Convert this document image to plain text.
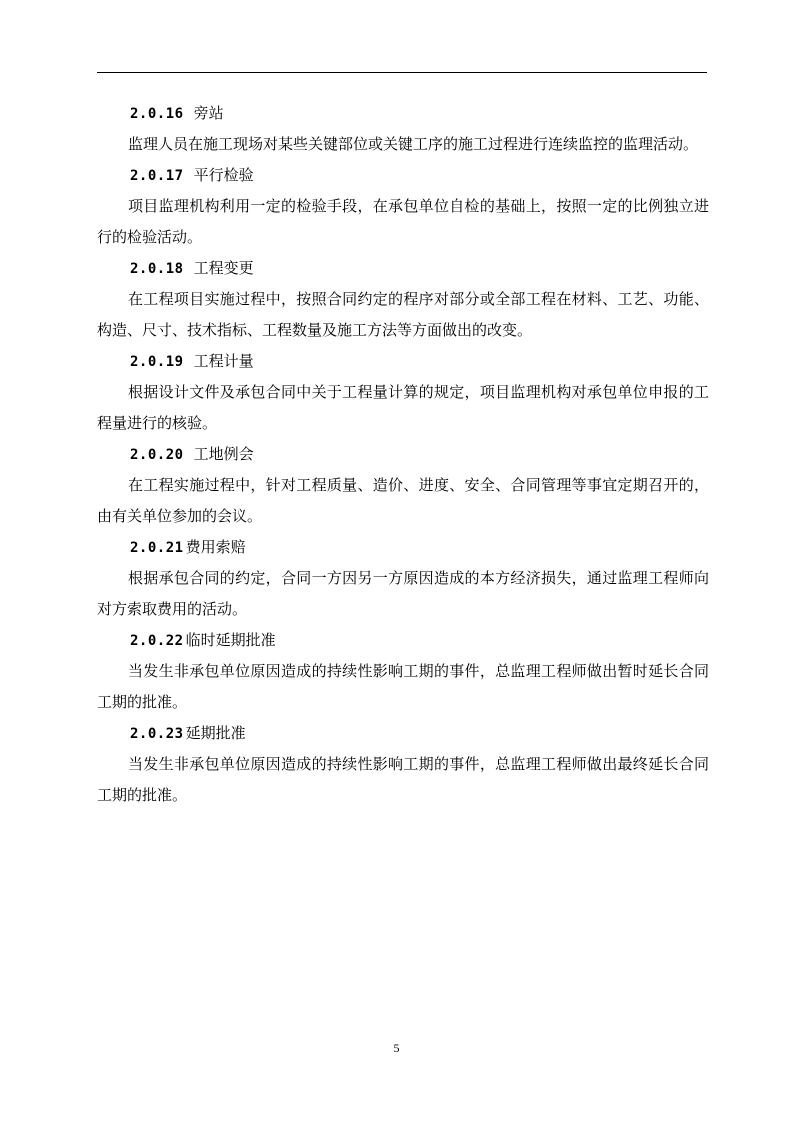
2.0.16 旁站

监理人员在施工现场对某些关键部位或关键工序的施工过程进行连续监控的监理活动。

2.0.17 平行检验

项目监理机构利用一定的检验手段，在承包单位自检的基础上，按照一定的比例独立进行的检验活动。

2.0.18 工程变更

在工程项目实施过程中，按照合同约定的程序对部分或全部工程在材料、工艺、功能、构造、尺寸、技术指标、工程数量及施工方法等方面做出的改变。

2.0.19 工程计量

根据设计文件及承包合同中关于工程量计算的规定，项目监理机构对承包单位申报的工程量进行的核验。

2.0.20 工地例会

在工程实施过程中，针对工程质量、造价、进度、安全、合同管理等事宜定期召开的，由有关单位参加的会议。

2.0.21 费用索赔

根据承包合同的约定，合同一方因另一方原因造成的本方经济损失，通过监理工程师向对方索取费用的活动。

2.0.22 临时延期批准

当发生非承包单位原因造成的持续性影响工期的事件，总监理工程师做出暂时延长合同工期的批准。

2.0.23 延期批准

当发生非承包单位原因造成的持续性影响工期的事件，总监理工程师做出最终延长合同工期的批准。

5
